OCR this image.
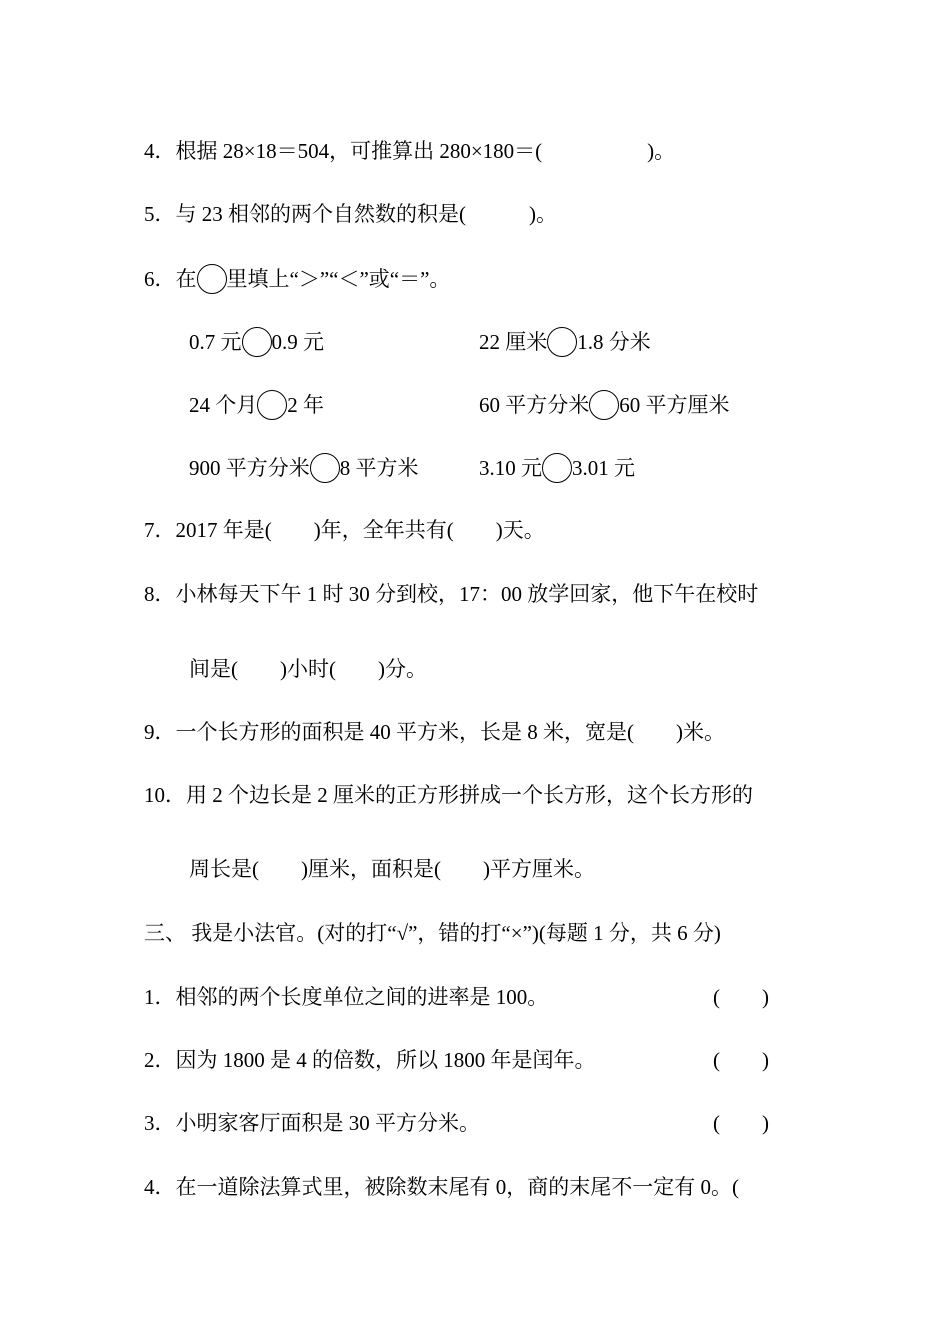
4．根据 28×18＝504，可推算出 280×180＝(　　　　　)。
5．与 23 相邻的两个自然数的积是(　　　)。
6．在 里填上“＞”“＜”或“＝”。
0.7 元 0.9 元	22 厘米 1.8 分米
24 个月 2 年	60 平方分米 60 平方厘米
900 平方分米 8 平方米	3.10 元 3.01 元
7．2017 年是(　　)年，全年共有(　　)天。
8．小林每天下午 1 时 30 分到校，17：00 放学回家，他下午在校时
间是(　　)小时(　　)分。
9．一个长方形的面积是 40 平方米，长是 8 米，宽是(　　)米。
10．用 2 个边长是 2 厘米的正方形拼成一个长方形，这个长方形的
周长是(　　)厘米，面积是(　　)平方厘米。
三、 我是小法官。(对的打“√”，错的打“×”)(每题 1 分，共 6 分)
1．相邻的两个长度单位之间的进率是 100。	(　　)
2．因为 1800 是 4 的倍数，所以 1800 年是闰年。	(　　)
3．小明家客厅面积是 30 平方分米。	(　　)
4．在一道除法算式里，被除数末尾有 0，商的末尾不一定有 0。(
